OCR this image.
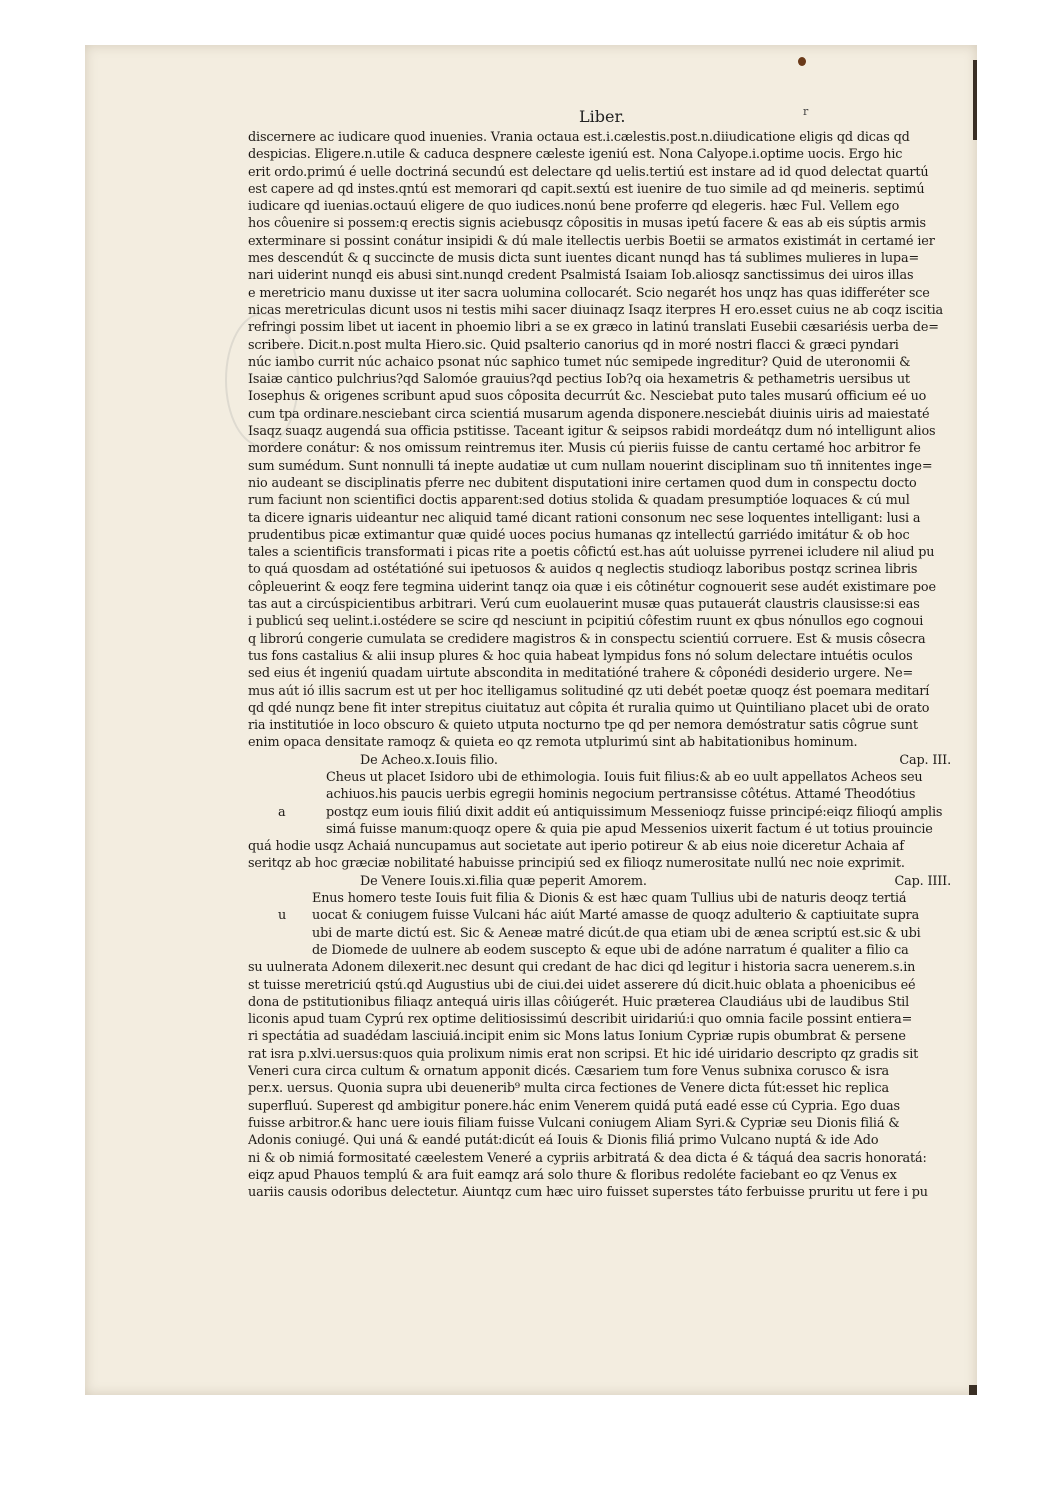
r
Liber.
discernere ac iudicare quod inuenies. Vrania octaua est.i.cælestis.post.n.diiudicatione eligis qd dicas qd
despicias. Eligere.n.utile & caduca despnere cæleste igeniú est. Nona Calyope.i.optime uocis. Ergo hic
erit ordo.primú é uelle doctriná secundú est delectare qd uelis.tertiú est instare ad id quod delectat quartú
est capere ad qd instes.qntú est memorari qd capit.sextú est iuenire de tuo simile ad qd meineris. septimú
iudicare qd iuenias.octauú eligere de quo iudices.nonú bene proferre qd elegeris. hæc Ful. Vellem ego
hos côuenire si possem:q erectis signis aciebusqz côpositis in musas ipetú facere & eas ab eis súptis armis
exterminare si possint conátur insipidi & dú male itellectis uerbis Boetii se armatos existimát in certamé ier
mes descendút & q succincte de musis dicta sunt iuentes dicant nunqd has tá sublimes mulieres in lupa=
nari uiderint nunqd eis abusi sint.nunqd credent Psalmistá Isaiam Iob.aliosqz sanctissimus dei uiros illas
e meretricio manu duxisse ut iter sacra uolumina collocarét. Scio negarét hos unqz has quas idifferéter sce
nicas meretriculas dicunt usos ni testis mihi sacer diuinaqz Isaqz iterpres H ero.esset cuius ne ab coqz iscitia
refringi possim libet ut iacent in phoemio libri a se ex græco in latinú translati Eusebii cæsariésis uerba de=
scribere. Dicit.n.post multa Hiero.sic. Quid psalterio canorius qd in moré nostri flacci & græci pyndari
núc iambo currit núc achaico psonat núc saphico tumet núc semipede ingreditur? Quid de uteronomii &
Isaiæ cantico pulchrius?qd Salomóe grauius?qd pectius Iob?q oia hexametris & pethametris uersibus ut
Iosephus & origenes scribunt apud suos côposita decurrút &c. Nesciebat puto tales musarú officium eé uo
cum tpa ordinare.nesciebant circa scientiá musarum agenda disponere.nesciebát diuinis uiris ad maiestaté
Isaqz suaqz augendá sua officia pstitisse. Taceant igitur & seipsos rabidi mordeátqz dum nó intelligunt alios
mordere conátur: & nos omissum reintremus iter. Musis cú pieriis fuisse de cantu certamé hoc arbitror fe
sum sumédum. Sunt nonnulli tá inepte audatiæ ut cum nullam nouerint disciplinam suo tñ innitentes inge=
nio audeant se disciplinatis pferre nec dubitent disputationi inire certamen quod dum in conspectu docto
rum faciunt non scientifici doctis apparent:sed dotius stolida & quadam presumptióe loquaces & cú mul
ta dicere ignaris uideantur nec aliquid tamé dicant rationi consonum nec sese loquentes intelligant: lusi a
prudentibus picæ extimantur quæ quidé uoces pocius humanas qz intellectú garriédo imitátur & ob hoc
tales a scientificis transformati i picas rite a poetis côfictú est.has aút uoluisse pyrrenei icludere nil aliud pu
to quá quosdam ad ostétatióné sui ipetuosos & auidos q neglectis studioqz laboribus postqz scrinea libris
côpleuerint & eoqz fere tegmina uiderint tanqz oia quæ i eis côtinétur cognouerit sese audét existimare poe
tas aut a circúspicientibus arbitrari. Verú cum euolauerint musæ quas putauerát claustris clausisse:si eas
i publicú seq uelint.i.ostédere se scire qd nesciunt in pcipitiú côfestim ruunt ex qbus nónullos ego cognoui
q librorú congerie cumulata se credidere magistros & in conspectu scientiú corruere. Est & musis côsecra
tus fons castalius & alii insup plures & hoc quia habeat lympidus fons nó solum delectare intuétis oculos
sed eius ét ingeniú quadam uirtute abscondita in meditatióné trahere & côponédi desiderio urgere. Ne=
mus aút ió illis sacrum est ut per hoc itelligamus solitudiné qz uti debét poetæ quoqz ést poemara meditarí
qd qdé nunqz bene fit inter strepitus ciuitatuz aut côpita ét ruralia quimo ut Quintiliano placet ubi de orato
ria institutióe in loco obscuro & quieto utputa nocturno tpe qd per nemora demóstratur satis côgrue sunt
enim opaca densitate ramoqz & quieta eo qz remota utplurimú sint ab habitationibus hominum.
De Acheo.x.Iouis filio.	Cap. III.
Cheus ut placet Isidoro ubi de ethimologia. Iouis fuit filius:& ab eo uult appellatos Acheos seu
achiuos.his paucis uerbis egregii hominis negocium pertransisse côtétus. Attamé Theodótius
postqz eum iouis filiú dixit addit eú antiquissimum Messenioqz fuisse principé:eiqz filioqú amplis
a
simá fuisse manum:quoqz opere & quia pie apud Messenios uixerit factum é ut totius prouincie
quá hodie usqz Achaiá nuncupamus aut societate aut iperio potireur & ab eius noie diceretur Achaia af
seritqz ab hoc græciæ nobilitaté habuisse principiú sed ex filioqz numerositate nullú nec noie exprimit.
De Venere Iouis.xi.filia quæ peperit Amorem.	Cap. IIII.
Enus homero teste Iouis fuit filia & Dionis & est hæc quam Tullius ubi de naturis deoqz tertiá
uocat & coniugem fuisse Vulcani hác aiút Marté amasse de quoqz adulterio & captiuitate supra
u
ubi de marte dictú est. Sic & Aeneæ matré dicút.de qua etiam ubi de ænea scriptú est.sic & ubi
de Diomede de uulnere ab eodem suscepto & eque ubi de adóne narratum é qualiter a filio ca
su uulnerata Adonem dilexerit.nec desunt qui credant de hac dici qd legitur i historia sacra uenerem.s.in
st tuisse meretriciú qstú.qd Augustius ubi de ciui.dei uidet asserere dú dicit.huic oblata a phoenicibus eé
dona de pstitutionibus filiaqz antequá uiris illas côiúgerét. Huic præterea Claudiáus ubi de laudibus Stil
liconis apud tuam Cyprú rex optime delitiosissimú describit uiridariú:i quo omnia facile possint entiera=
ri spectátia ad suadédam lasciuiá.incipit enim sic Mons latus Ionium Cypriæ rupis obumbrat & persene
rat isra p.xlvi.uersus:quos quia prolixum nimis erat non scripsi. Et hic idé uiridario descripto qz gradis sit
Veneri cura circa cultum & ornatum apponit dicés. Cæsariem tum fore Venus subnixa corusco & isra
per.x. uersus. Quonia supra ubi deuenerib⁹ multa circa fectiones de Venere dicta fút:esset hic replica
superfluú. Superest qd ambigitur ponere.hác enim Venerem quidá putá eadé esse cú Cypria. Ego duas
fuisse arbitror.& hanc uere iouis filiam fuisse Vulcani coniugem Aliam Syri.& Cypriæ seu Dionis filiá &
Adonis coniugé. Qui uná & eandé putát:dicút eá Iouis & Dionis filiá primo Vulcano nuptá & ide Ado
ni & ob nimiá formositaté cæelestem Veneré a cypriis arbitratá & dea dicta é & táquá dea sacris honoratá:
eiqz apud Phauos templú & ara fuit eamqz ará solo thure & floribus redoléte faciebant eo qz Venus ex
uariis causis odoribus delectetur. Aiuntqz cum hæc uiro fuisset superstes táto ferbuisse pruritu ut fere i pu
